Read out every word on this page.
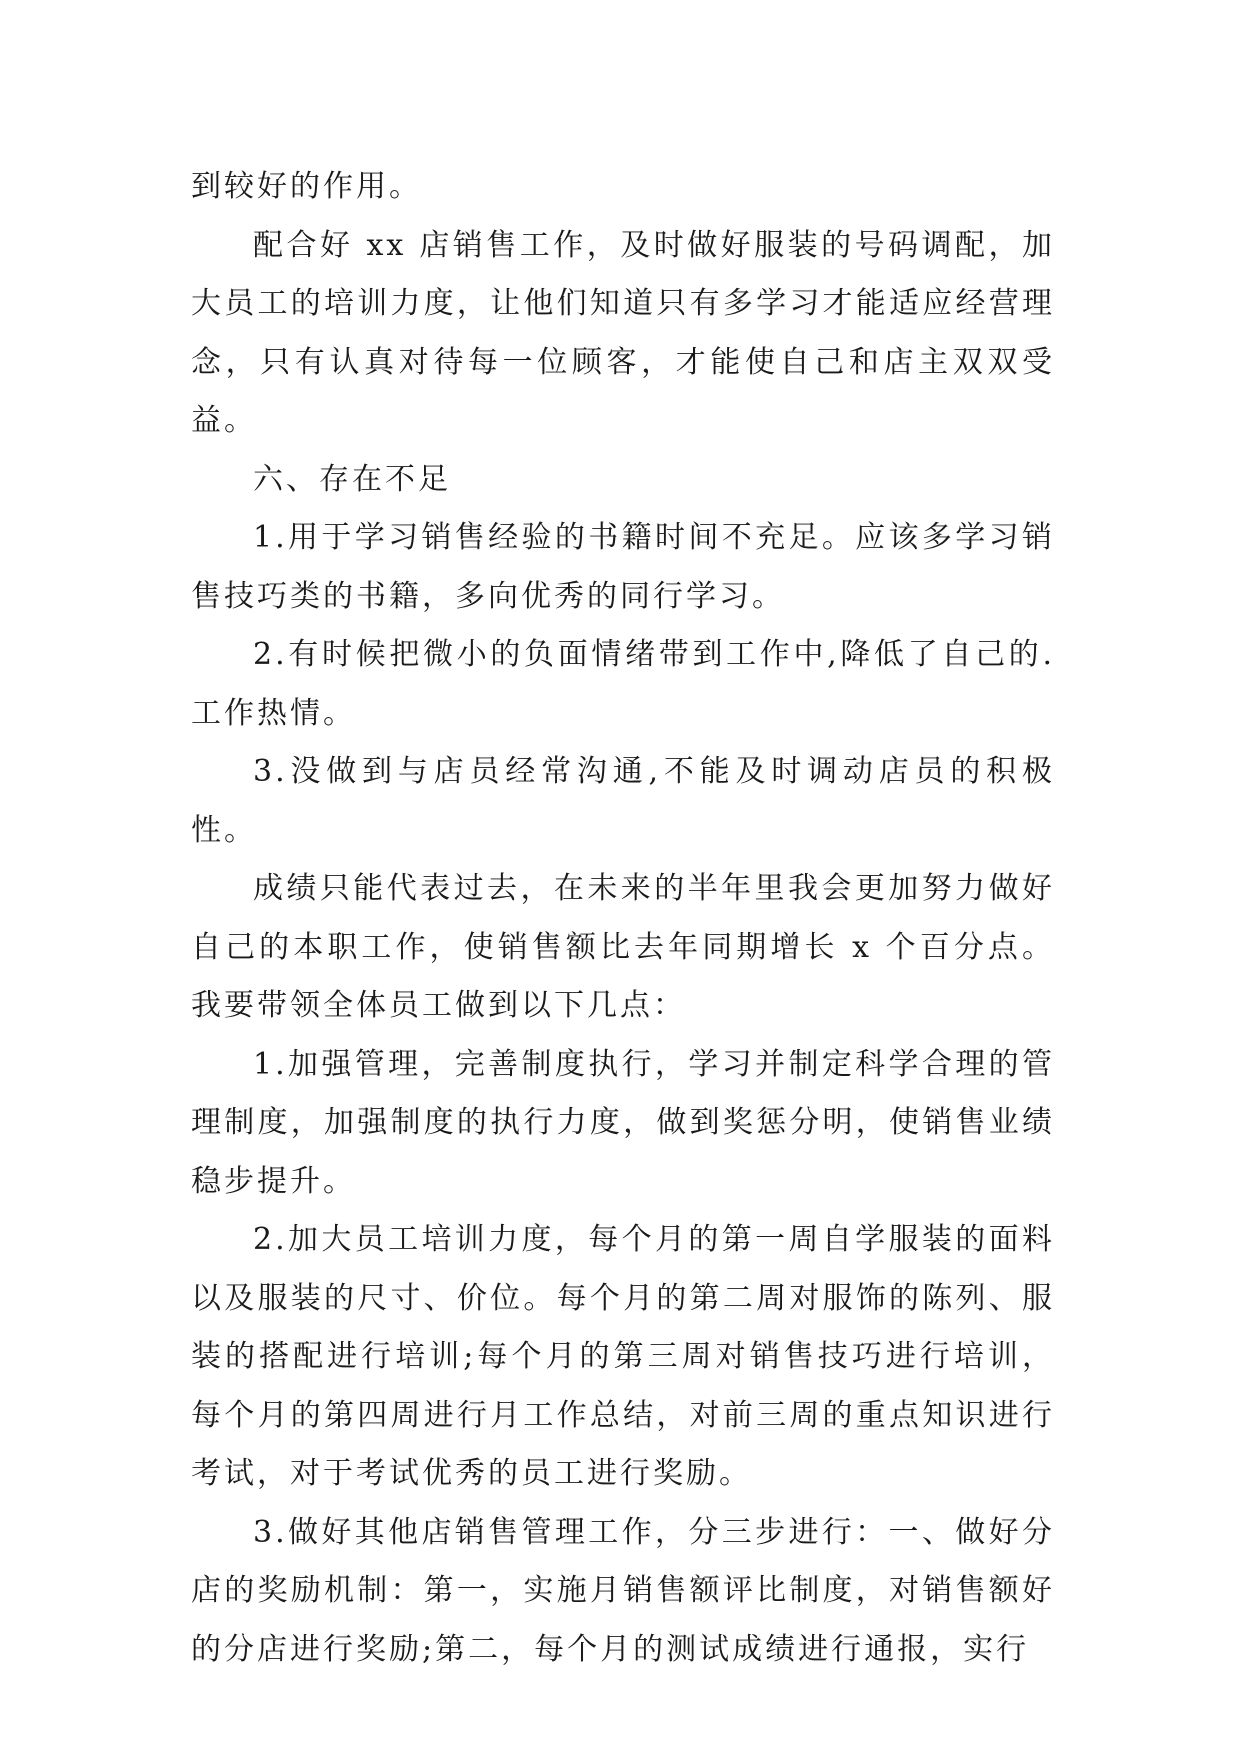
到较好的作用。

配合好 xx 店销售工作，及时做好服装的号码调配，加大员工的培训力度，让他们知道只有多学习才能适应经营理念，只有认真对待每一位顾客，才能使自己和店主双双受益。

六、存在不足

1.用于学习销售经验的书籍时间不充足。应该多学习销售技巧类的书籍，多向优秀的同行学习。

2.有时候把微小的负面情绪带到工作中,降低了自己的.工作热情。

3.没做到与店员经常沟通,不能及时调动店员的积极性。

成绩只能代表过去，在未来的半年里我会更加努力做好自己的本职工作，使销售额比去年同期增长 x 个百分点。我要带领全体员工做到以下几点：

1.加强管理，完善制度执行，学习并制定科学合理的管理制度，加强制度的执行力度，做到奖惩分明，使销售业绩稳步提升。

2.加大员工培训力度，每个月的第一周自学服装的面料以及服装的尺寸、价位。每个月的第二周对服饰的陈列、服装的搭配进行培训;每个月的第三周对销售技巧进行培训，每个月的第四周进行月工作总结，对前三周的重点知识进行考试，对于考试优秀的员工进行奖励。

3.做好其他店销售管理工作，分三步进行：一、做好分店的奖励机制：第一，实施月销售额评比制度，对销售额好的分店进行奖励;第二，每个月的测试成绩进行通报，实行
